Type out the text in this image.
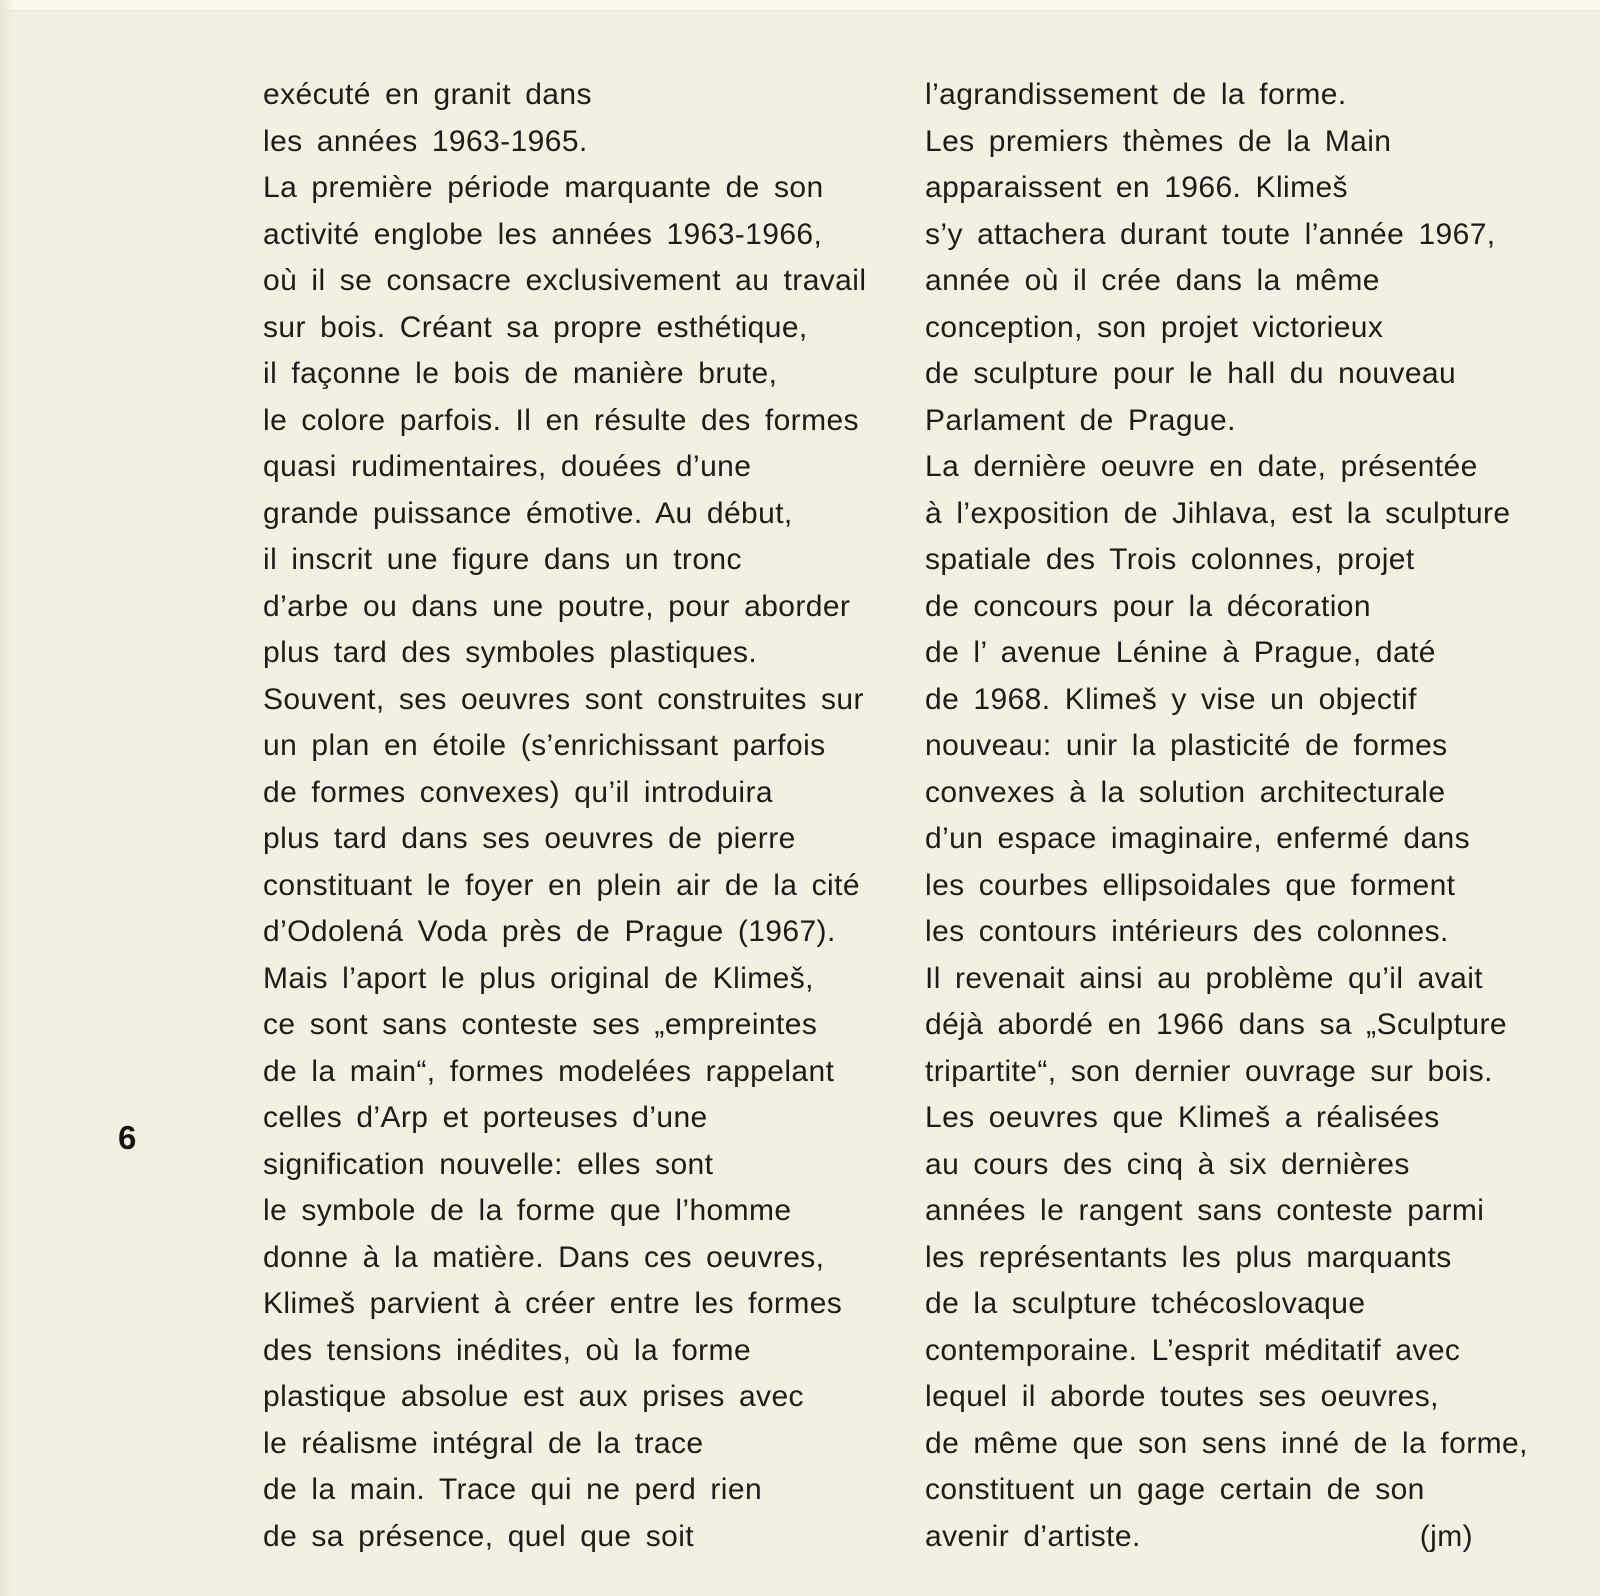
6
exécuté en granit dans
les années 1963-1965.
La première période marquante de son
activité englobe les années 1963-1966,
où il se consacre exclusivement au travail
sur bois. Créant sa propre esthétique,
il façonne le bois de manière brute,
le colore parfois. Il en résulte des formes
quasi rudimentaires, douées d’une
grande puissance émotive. Au début,
il inscrit une figure dans un tronc
d’arbe ou dans une poutre, pour aborder
plus tard des symboles plastiques.
Souvent, ses oeuvres sont construites sur
un plan en étoile (s’enrichissant parfois
de formes convexes) qu’il introduira
plus tard dans ses oeuvres de pierre
constituant le foyer en plein air de la cité
d’Odolená Voda près de Prague (1967).
Mais l’aport le plus original de Klimeš,
ce sont sans conteste ses „empreintes
de la main“, formes modelées rappelant
celles d’Arp et porteuses d’une
signification nouvelle: elles sont
le symbole de la forme que l’homme
donne à la matière. Dans ces oeuvres,
Klimeš parvient à créer entre les formes
des tensions inédites, où la forme
plastique absolue est aux prises avec
le réalisme intégral de la trace
de la main. Trace qui ne perd rien
de sa présence, quel que soit
l’agrandissement de la forme.
Les premiers thèmes de la Main
apparaissent en 1966. Klimeš
s’y attachera durant toute l’année 1967,
année où il crée dans la même
conception, son projet victorieux
de sculpture pour le hall du nouveau
Parlament de Prague.
La dernière oeuvre en date, présentée
à l’exposition de Jihlava, est la sculpture
spatiale des Trois colonnes, projet
de concours pour la décoration
de l’ avenue Lénine à Prague, daté
de 1968. Klimeš y vise un objectif
nouveau: unir la plasticité de formes
convexes à la solution architecturale
d’un espace imaginaire, enfermé dans
les courbes ellipsoidales que forment
les contours intérieurs des colonnes.
Il revenait ainsi au problème qu’il avait
déjà abordé en 1966 dans sa „Sculpture
tripartite“, son dernier ouvrage sur bois.
Les oeuvres que Klimeš a réalisées
au cours des cinq à six dernières
années le rangent sans conteste parmi
les représentants les plus marquants
de la sculpture tchécoslovaque
contemporaine. L’esprit méditatif avec
lequel il aborde toutes ses oeuvres,
de même que son sens inné de la forme,
constituent un gage certain de son
avenir d’artiste.	(jm)
